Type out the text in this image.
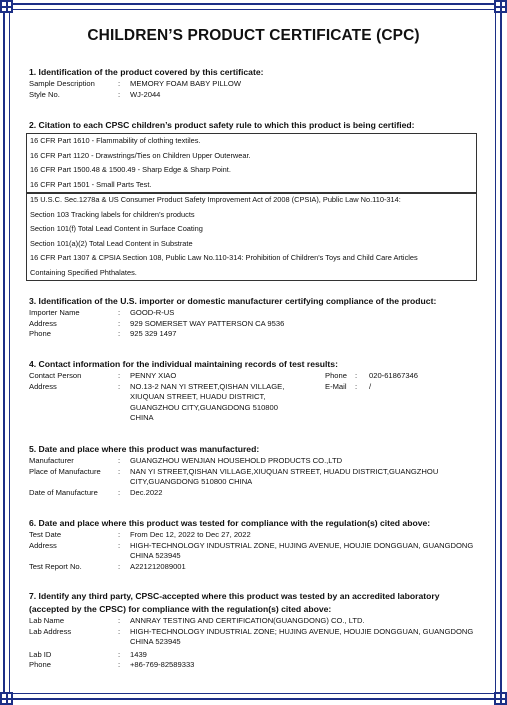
CHILDREN’S PRODUCT CERTIFICATE (CPC)
1. Identification of the product covered by this certificate:
Sample Description	:	MEMORY FOAM BABY PILLOW
Style No.	:	WJ-2044
2. Citation to each CPSC children’s product safety rule to which this product is being certified:
16 CFR Part 1610 - Flammability of clothing textiles.
16 CFR Part 1120 - Drawstrings/Ties on Children Upper Outerwear.
16 CFR Part 1500.48 & 1500.49 - Sharp Edge & Sharp Point.
16 CFR Part 1501 - Small Parts Test.
15 U.S.C. Sec.1278a & US Consumer Product Safety Improvement Act of 2008 (CPSIA), Public Law No.110-314:
Section 103 Tracking labels for children’s products
Section 101(f) Total Lead Content in Surface Coating
Section 101(a)(2) Total Lead Content in Substrate
16 CFR Part 1307 & CPSIA Section 108, Public Law No.110-314: Prohibition of Children's Toys and Child Care Articles
Containing Specified Phthalates.
3. Identification of the U.S. importer or domestic manufacturer certifying compliance of the product:
Importer Name	:	GOOD-R-US
Address	:	929 SOMERSET WAY PATTERSON CA 9536
Phone	:	925 329 1497
4. Contact information for the individual maintaining records of test results:
Contact Person	:	PENNY XIAO
Address	:	NO.13-2 NAN YI STREET,QISHAN VILLAGE,
XIUQUAN STREET, HUADU DISTRICT,
GUANGZHOU CITY,GUANGDONG 510800
CHINA
Phone	:	020-61867346
E-Mail	:	/
5. Date and place where this product was manufactured:
Manufacturer	:	GUANGZHOU WENJIAN HOUSEHOLD PRODUCTS CO.,LTD
Place of Manufacture	:	NAN YI STREET,QISHAN VILLAGE,XIUQUAN STREET, HUADU DISTRICT,GUANGZHOU CITY,GUANGDONG 510800 CHINA
Date of Manufacture	:	Dec.2022
6. Date and place where this product was tested for compliance with the regulation(s) cited above:
Test Date	:	From Dec 12, 2022 to Dec 27, 2022
Address	:	HIGH-TECHNOLOGY INDUSTRIAL ZONE, HUJING AVENUE, HOUJIE DONGGUAN, GUANGDONG CHINA 523945
Test Report No.	:	A221212089001
7. Identify any third party, CPSC-accepted where this product was tested by an accredited laboratory
(accepted by the CPSC) for compliance with the regulation(s) cited above:
Lab Name	:	ANNRAY TESTING AND CERTIFICATION(GUANGDONG) CO., LTD.
Lab Address	:	HIGH-TECHNOLOGY INDUSTRIAL ZONE; HUJING AVENUE, HOUJIE DONGGUAN, GUANGDONG CHINA 523945
Lab ID	:	1439
Phone	:	+86-769-82589333
